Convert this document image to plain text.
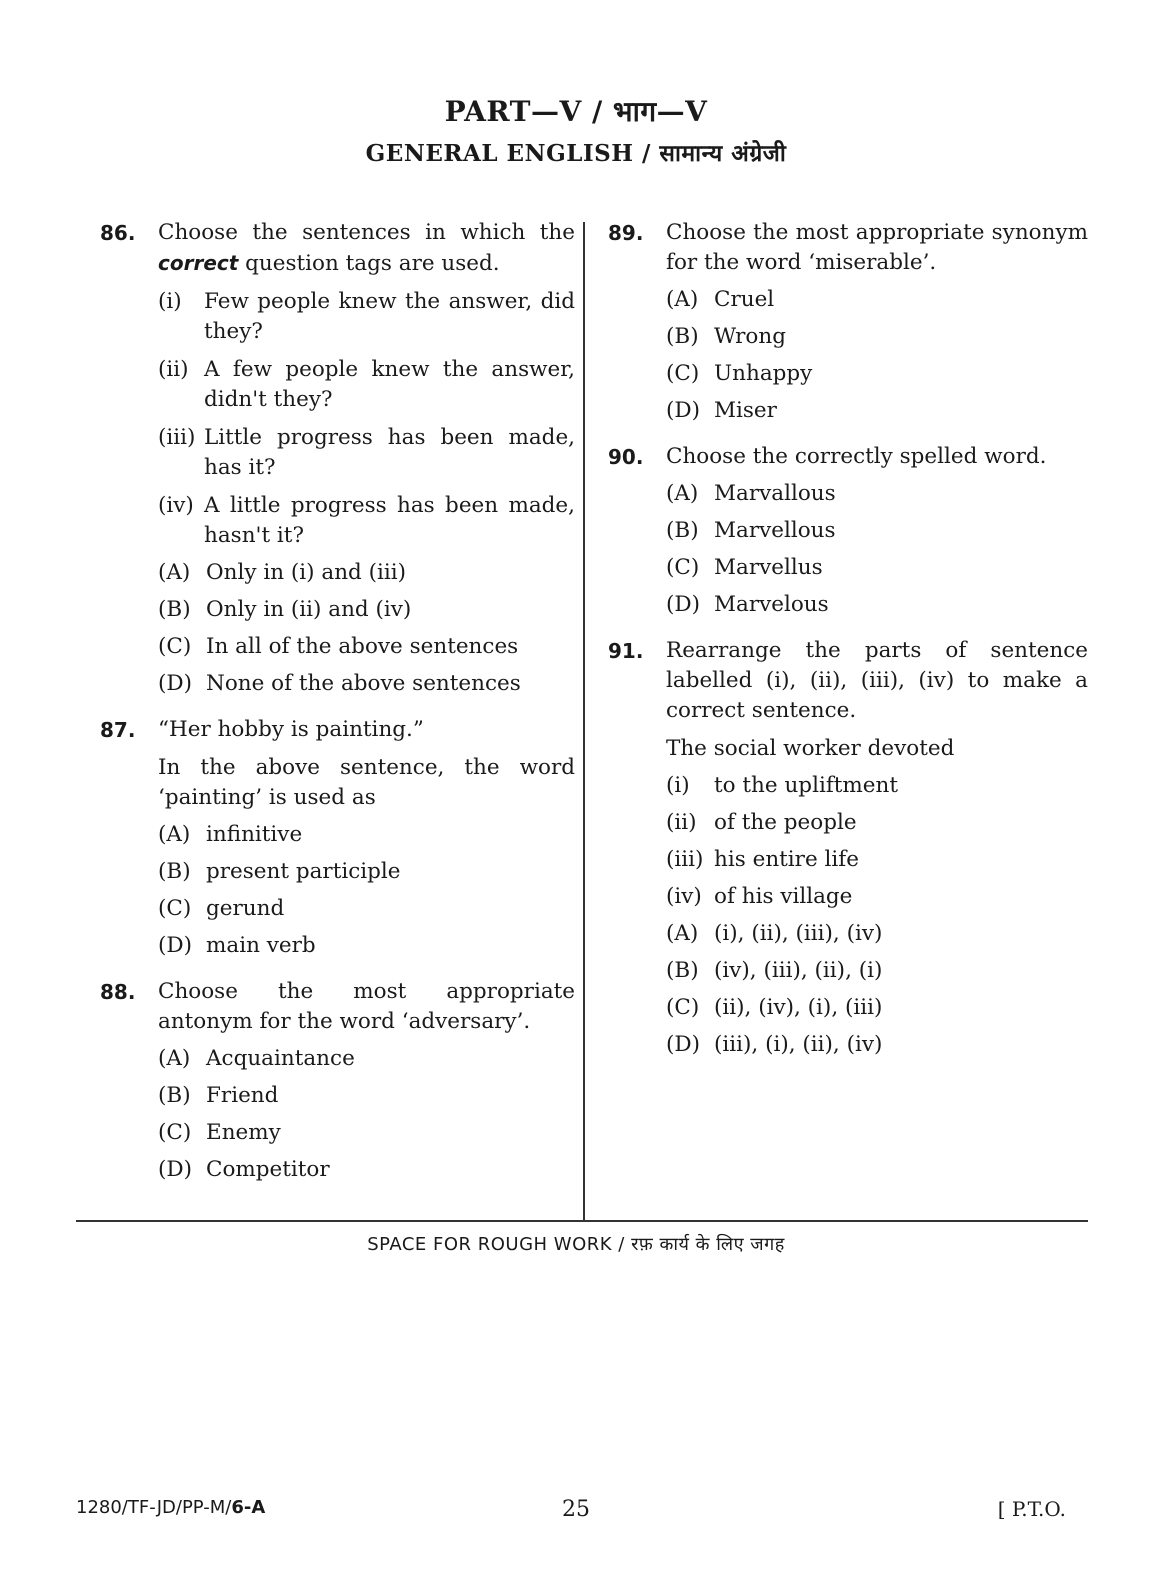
PART—V / भाग—V
GENERAL ENGLISH / सामान्य अंग्रेजी
86.	Choose the sentences in which the correct question tags are used.
(i)	Few people knew the answer, did they?
(ii) A few people knew the answer, didn't they?
(iii) Little progress has been made, has it?
(iv) A little progress has been made, hasn't it?
(A) Only in (i) and (iii)
(B) Only in (ii) and (iv)
(C) In all of the above sentences
(D) None of the above sentences
87.	“Her hobby is painting.”
In the above sentence, the word ‘painting’ is used as
(A) infinitive
(B) present participle
(C) gerund
(D) main verb
88.	Choose the most appropriate antonym for the word ‘adversary’.
(A) Acquaintance
(B) Friend
(C) Enemy
(D) Competitor
89.	Choose the most appropriate synonym for the word ‘miserable’.
(A) Cruel
(B) Wrong
(C) Unhappy
(D) Miser
90.	Choose the correctly spelled word.
(A) Marvallous
(B) Marvellous
(C) Marvellus
(D) Marvelous
91.	Rearrange the parts of sentence labelled (i), (ii), (iii), (iv) to make a correct sentence.
The social worker devoted
(i)	to the upliftment
(ii) of the people
(iii) his entire life
(iv) of his village
(A) (i), (ii), (iii), (iv)
(B) (iv), (iii), (ii), (i)
(C) (ii), (iv), (i), (iii)
(D) (iii), (i), (ii), (iv)
SPACE FOR ROUGH WORK / रफ़ कार्य के लिए जगह
1280/TF-JD/PP-M/6-A	25	[ P.T.O.
